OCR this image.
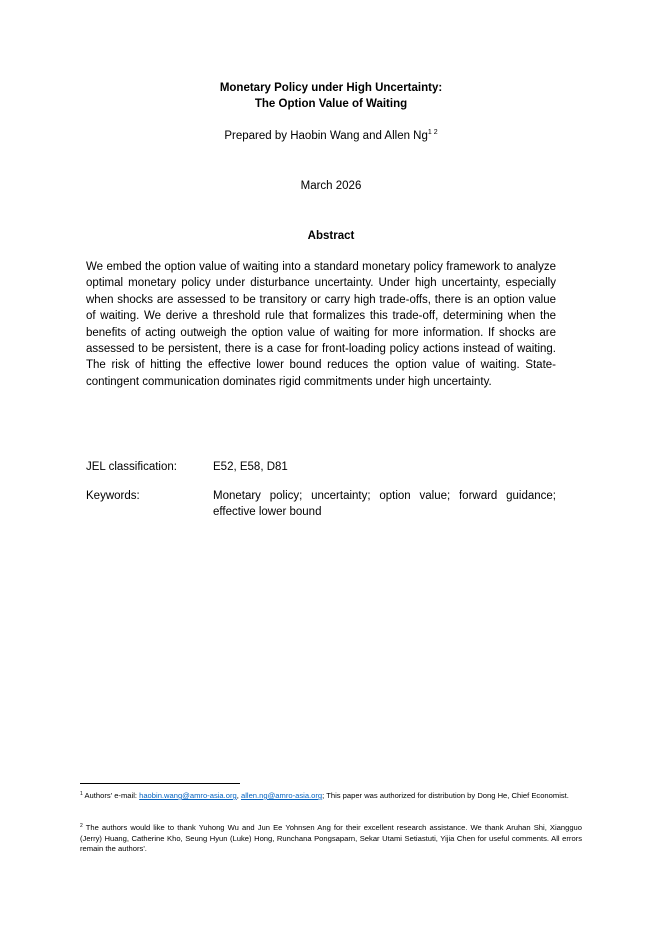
Monetary Policy under High Uncertainty:
The Option Value of Waiting
Prepared by Haobin Wang and Allen $Ng^{1 2}$
March 2026
Abstract
We embed the option value of waiting into a standard monetary policy framework to analyze optimal monetary policy under disturbance uncertainty. Under high uncertainty, especially when shocks are assessed to be transitory or carry high trade-offs, there is an option value of waiting. We derive a threshold rule that formalizes this trade-off, determining when the benefits of acting outweigh the option value of waiting for more information. If shocks are assessed to be persistent, there is a case for front-loading policy actions instead of waiting. The risk of hitting the effective lower bound reduces the option value of waiting. State-contingent communication dominates rigid commitments under high uncertainty.
JEL classification:	E52, E58, D81
Keywords:	Monetary policy; uncertainty; option value; forward guidance; effective lower bound
$^1$ Authors' e-mail: haobin.wang@amro-asia.org, allen.ng@amro-asia.org; This paper was authorized for distribution by Dong He, Chief Economist.
$^2$ The authors would like to thank Yuhong Wu and Jun Ee Yohnsen Ang for their excellent research assistance. We thank Aruhan Shi, Xiangguo (Jerry) Huang, Catherine Kho, Seung Hyun (Luke) Hong, Runchana Pongsaparn, Sekar Utami Setiastuti, Yijia Chen for useful comments. All errors remain the authors'.
